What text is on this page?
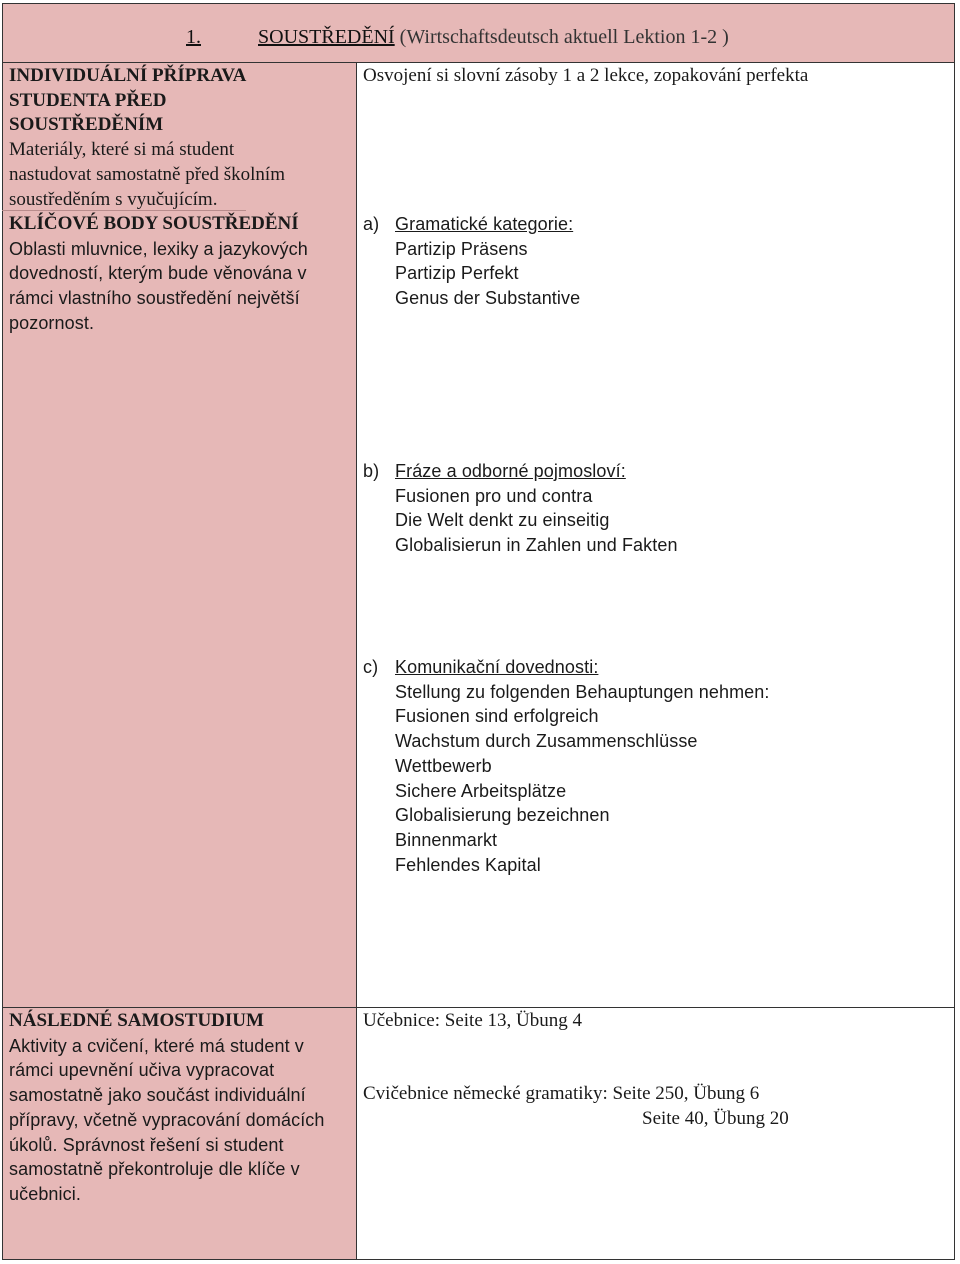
1.	SOUSTŘEDĚNÍ (Wirtschaftsdeutsch aktuell Lektion 1-2 )
INDIVIDUÁLNÍ PŘÍPRAVA
STUDENTA PŘED
SOUSTŘEDĚNÍM
Materiály, které si má student
nastudovat samostatně před školním
soustředěním s vyučujícím.
KLÍČOVÉ BODY SOUSTŘEDĚNÍ
Oblasti mluvnice, lexiky a jazykových
dovedností, kterým bude věnována v
rámci vlastního soustředění největší
pozornost.
Osvojení si slovní zásoby 1 a 2 lekce, zopakování perfekta
a) Gramatické kategorie:
Partizip Präsens
Partizip Perfekt
Genus der Substantive
b) Fráze a odborné pojmosloví:
Fusionen pro und contra
Die Welt denkt zu einseitig
Globalisierun in Zahlen und Fakten
c) Komunikační dovednosti:
Stellung zu folgenden Behauptungen nehmen:
Fusionen sind erfolgreich
Wachstum durch Zusammenschlüsse
Wettbewerb
Sichere Arbeitsplätze
Globalisierung bezeichnen
Binnenmarkt
Fehlendes Kapital
NÁSLEDNÉ SAMOSTUDIUM
Aktivity a cvičení, které má student v
rámci upevnění učiva vypracovat
samostatně jako součást individuální
přípravy, včetně vypracování domácích
úkolů. Správnost řešení si student
samostatně překontroluje dle klíče v
učebnici.
Učebnice: Seite 13, Übung 4
Cvičebnice německé gramatiky: Seite 250, Übung 6
Seite 40, Übung 20
